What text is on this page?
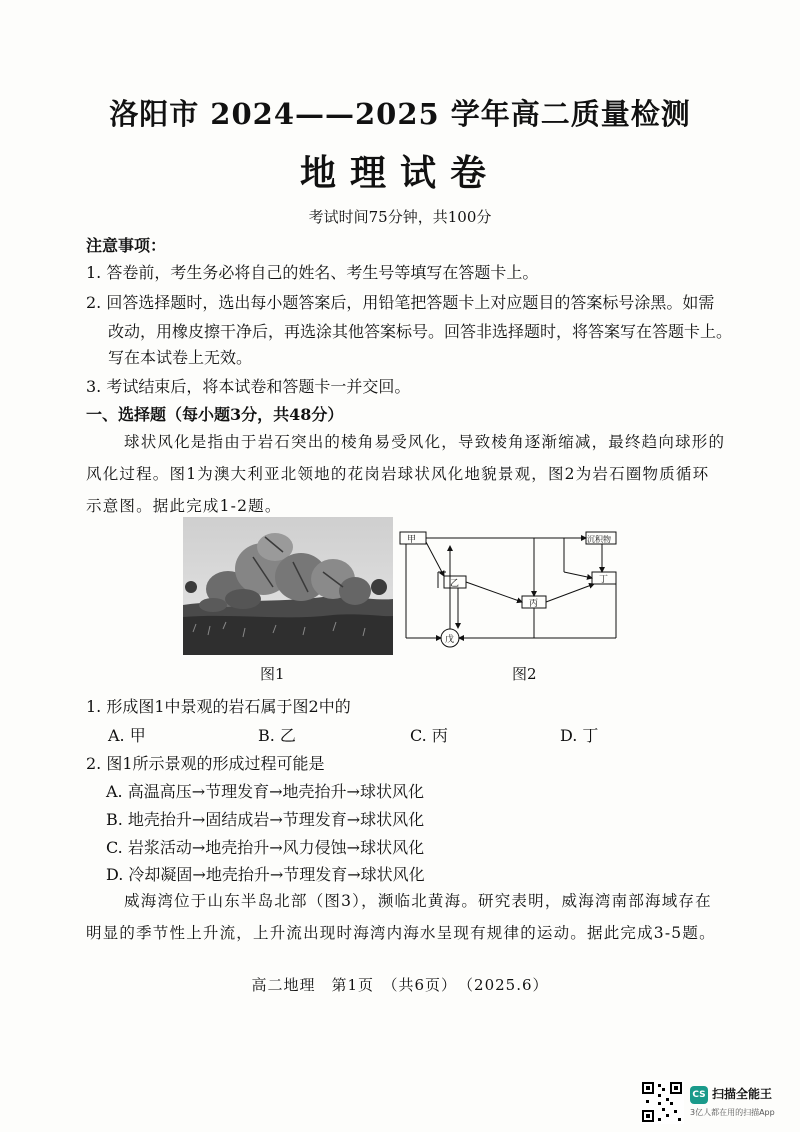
洛阳市 2024——2025 学年高二质量检测
地理试卷
考试时间75分钟，共100分
注意事项：
1. 答卷前，考生务必将自己的姓名、考生号等填写在答题卡上。
2. 回答选择题时，选出每小题答案后，用铅笔把答题卡上对应题目的答案标号涂黑。如需
改动，用橡皮擦干净后，再选涂其他答案标号。回答非选择题时，将答案写在答题卡上。
写在本试卷上无效。
3. 考试结束后，将本试卷和答题卡一并交回。
一、选择题（每小题3分，共48分）
球状风化是指由于岩石突出的棱角易受风化，导致棱角逐渐缩减，最终趋向球形的风化过程。图1为澳大利亚北领地的花岗岩球状风化地貌景观，图2为岩石圈物质循环示意图。据此完成1-2题。
图1
甲	沉积物
乙
丙
丁
戊
图2
1. 形成图1中景观的岩石属于图2中的
A. 甲	B. 乙	C. 丙	D. 丁
2. 图1所示景观的形成过程可能是
A. 高温高压→节理发育→地壳抬升→球状风化
B. 地壳抬升→固结成岩→节理发育→球状风化
C. 岩浆活动→地壳抬升→风力侵蚀→球状风化
D. 冷却凝固→地壳抬升→节理发育→球状风化
威海湾位于山东半岛北部（图3），濒临北黄海。研究表明，威海湾南部海域存在明显的季节性上升流，上升流出现时海湾内海水呈现有规律的运动。据此完成3-5题。
高二地理　第1页　（共6页）　（2025.6）
CS 扫描全能王
3亿人都在用的扫描App
